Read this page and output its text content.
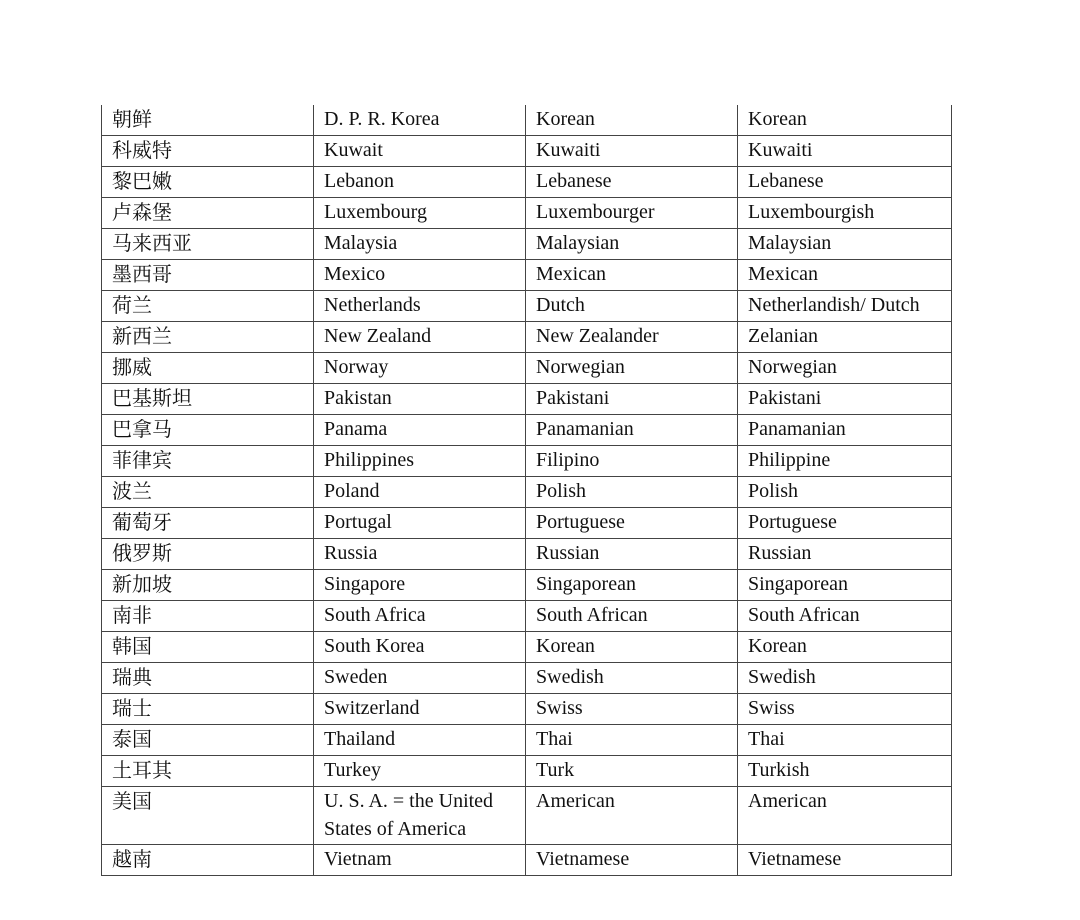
朝鲜	D. P. R. Korea	Korean	Korean
科威特	Kuwait	Kuwaiti	Kuwaiti
黎巴嫩	Lebanon	Lebanese	Lebanese
卢森堡	Luxembourg	Luxembourger	Luxembourgish
马来西亚	Malaysia	Malaysian	Malaysian
墨西哥	Mexico	Mexican	Mexican
荷兰	Netherlands	Dutch	Netherlandish/ Dutch
新西兰	New Zealand	New Zealander	Zelanian
挪威	Norway	Norwegian	Norwegian
巴基斯坦	Pakistan	Pakistani	Pakistani
巴拿马	Panama	Panamanian	Panamanian
菲律宾	Philippines	Filipino	Philippine
波兰	Poland	Polish	Polish
葡萄牙	Portugal	Portuguese	Portuguese
俄罗斯	Russia	Russian	Russian
新加坡	Singapore	Singaporean	Singaporean
南非	South Africa	South African	South African
韩国	South Korea	Korean	Korean
瑞典	Sweden	Swedish	Swedish
瑞士	Switzerland	Swiss	Swiss
泰国	Thailand	Thai	Thai
土耳其	Turkey	Turk	Turkish
美国	U. S. A. = the United States of America	American	American
越南	Vietnam	Vietnamese	Vietnamese
